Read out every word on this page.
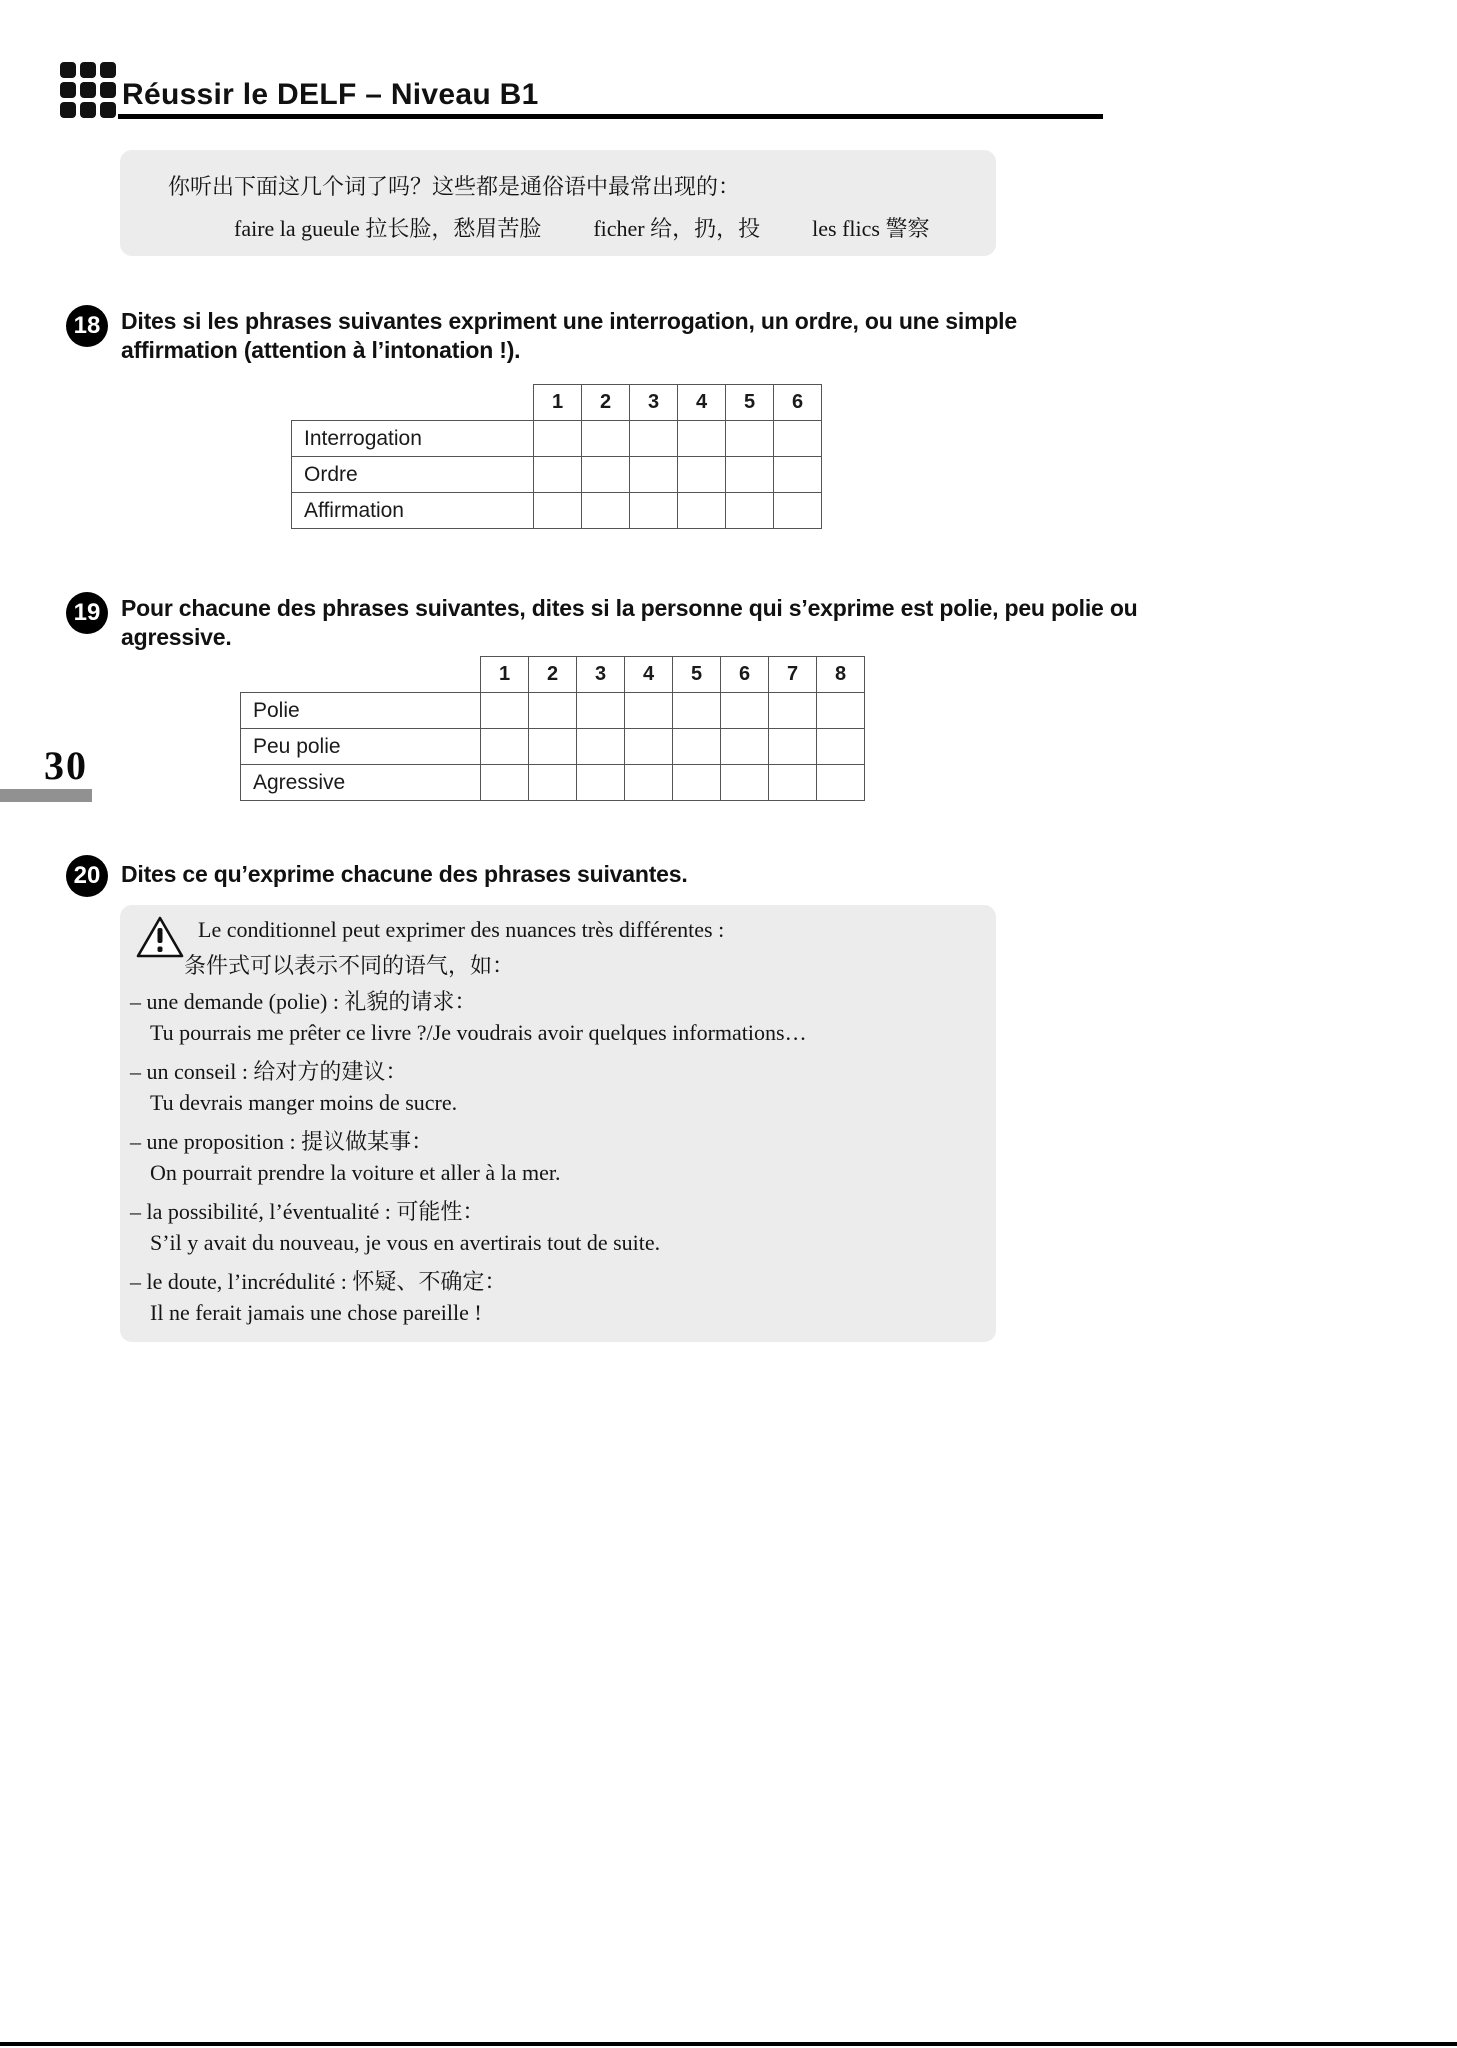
Réussir le DELF – Niveau B1
你听出下面这几个词了吗？这些都是通俗语中最常出现的：
faire la gueule 拉长脸，愁眉苦脸 ficher 给，扔，投 les flics 警察
18 Dites si les phrases suivantes expriment une interrogation, un ordre, ou une simple affirmation (attention à l’intonation !).
	1	2	3	4	5	6
Interrogation						
Ordre						
Affirmation						
19 Pour chacune des phrases suivantes, dites si la personne qui s’exprime est polie, peu polie ou agressive.
	1	2	3	4	5	6	7	8
Polie								
Peu polie								
Agressive								
30
20 Dites ce qu’exprime chacune des phrases suivantes.
Le conditionnel peut exprimer des nuances très différentes :
条件式可以表示不同的语气，如：
– une demande (polie) : 礼貌的请求：
Tu pourrais me prêter ce livre ?/Je voudrais avoir quelques informations…
– un conseil : 给对方的建议：
Tu devrais manger moins de sucre.
– une proposition : 提议做某事：
On pourrait prendre la voiture et aller à la mer.
– la possibilité, l’éventualité : 可能性：
S’il y avait du nouveau, je vous en avertirais tout de suite.
– le doute, l’incrédulité : 怀疑、不确定：
Il ne ferait jamais une chose pareille !
